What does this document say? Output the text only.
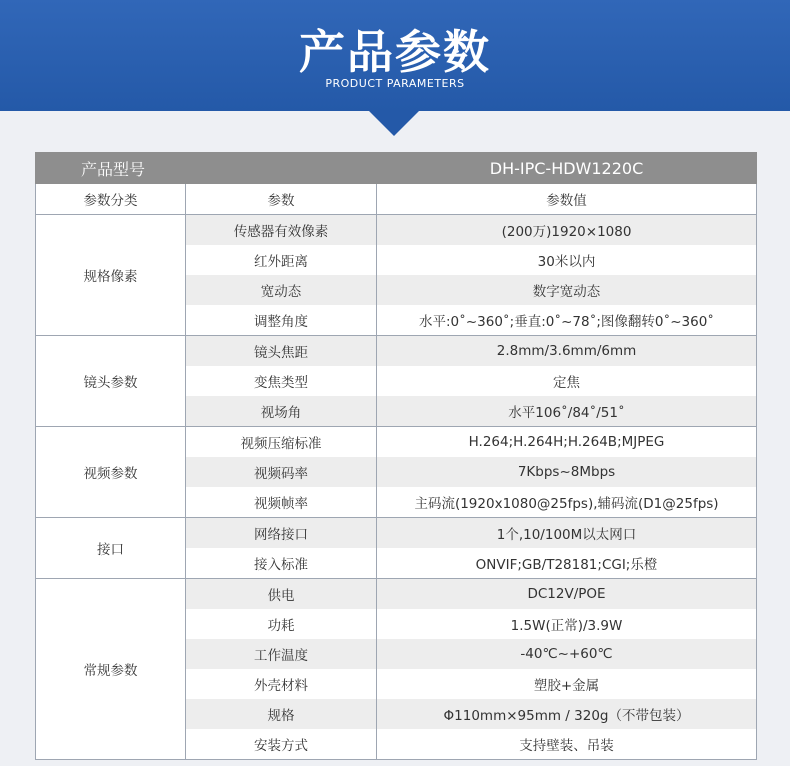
产品参数
PRODUCT PARAMETERS
产品型号		DH-IPC-HDW1220C
参数分类	参数	参数值
规格像素	传感器有效像素	(200万)1920×1080
	红外距离	30米以内
	宽动态	数字宽动态
	调整角度	水平:0˚~360˚;垂直:0˚~78˚;图像翻转0˚~360˚
镜头参数	镜头焦距	2.8mm/3.6mm/6mm
	变焦类型	定焦
	视场角	水平106˚/84˚/51˚
视频参数	视频压缩标准	H.264;H.264H;H.264B;MJPEG
	视频码率	7Kbps~8Mbps
	视频帧率	主码流(1920x1080@25fps),辅码流(D1@25fps)
接口	网络接口	1个,10/100M以太网口
	接入标准	ONVIF;GB/T28181;CGI;乐橙
常规参数	供电	DC12V/POE
	功耗	1.5W(正常)/3.9W
	工作温度	-40℃~+60℃
	外壳材料	塑胶+金属
	规格	Φ110mm×95mm / 320g（不带包装）
	安装方式	支持壁装、吊装
